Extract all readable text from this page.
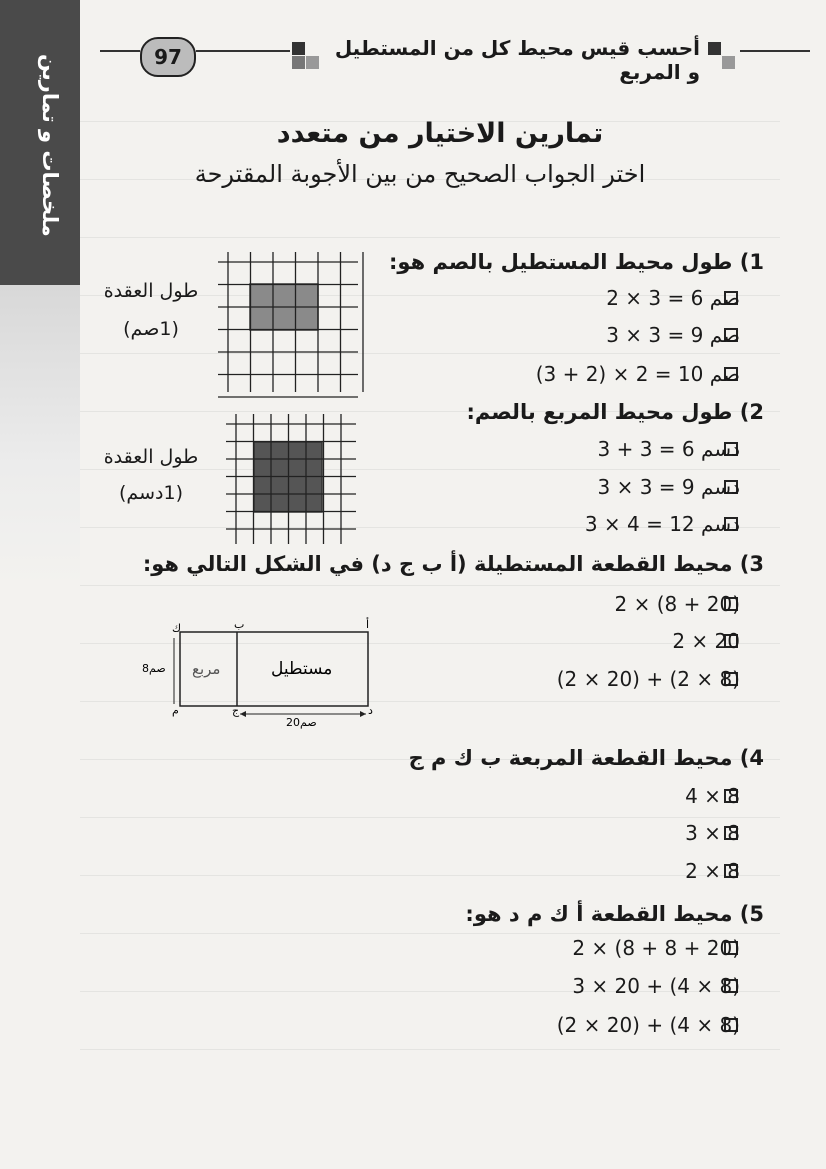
ملخصات و تمارين	97	أحسب قيس محيط كل من المستطيل و المربع
تمارين الاختيار من متعدد
اختر الجواب الصحيح من بين الأجوبة المقترحة
طول العقدة
(1صم)
طول العقدة
(1دسم)
مستطيل
مربع
8صم
20صم
أ
ب
ك
م	ج	د
1) طول محيط المستطيل بالصم هو:
2 × 3 = 6 صم
3 × 3 = 9 صم
(3 + 2) × 2 = 10 صم
2) طول محيط المربع بالصم:
3 + 3 = 6 دسم
3 × 3 = 9 دسم
3 × 4 = 12 دسم
3) محيط القطعة المستطيلة (أ ب ج د) في الشكل التالي هو:
2 × (8 + 20)
2 × 20
(2 × 20) + (2 × 8)
4) محيط القطعة المربعة ب ك م ج
4 × 8
3 × 8
2 × 8
5) محيط القطعة أ ك م د هو:
2 × (8 + 8 + 20)
3 × 20 + (4 × 8)
(2 × 20) + (4 × 8)
